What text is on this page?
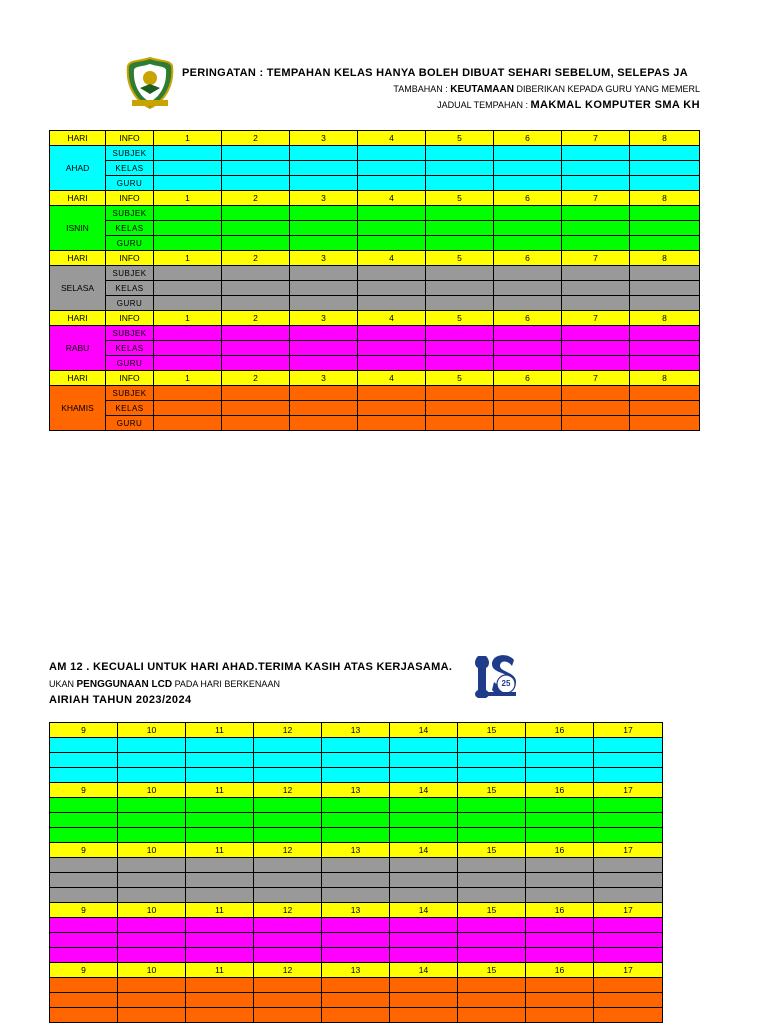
PERINGATAN : TEMPAHAN KELAS HANYA BOLEH DIBUAT SEHARI SEBELUM, SELEPAS JA
TAMBAHAN : KEUTAMAAN DIBERIKAN KEPADA GURU YANG MEMERL
JADUAL TEMPAHAN : MAKMAL KOMPUTER SMA KH
HARI	INFO	1	2	3	4	5	6	7	8
AHAD	SUBJEK								
	KELAS								
	GURU								
HARI	INFO	1	2	3	4	5	6	7	8
ISNIN	SUBJEK								
	KELAS								
	GURU								
HARI	INFO	1	2	3	4	5	6	7	8
SELASA	SUBJEK								
	KELAS								
	GURU								
HARI	INFO	1	2	3	4	5	6	7	8
RABU	SUBJEK								
	KELAS								
	GURU								
HARI	INFO	1	2	3	4	5	6	7	8
KHAMIS	SUBJEK								
	KELAS								
	GURU								
AM 12 . KECUALI UNTUK HARI AHAD.TERIMA KASIH ATAS KERJASAMA.
UKAN PENGGUNAAN LCD PADA HARI BERKENAAN
AIRIAH TAHUN 2023/2024
25
9	10	11	12	13	14	15	16	17

9	10	11	12	13	14	15	16	17

9	10	11	12	13	14	15	16	17

9	10	11	12	13	14	15	16	17

9	10	11	12	13	14	15	16	17
